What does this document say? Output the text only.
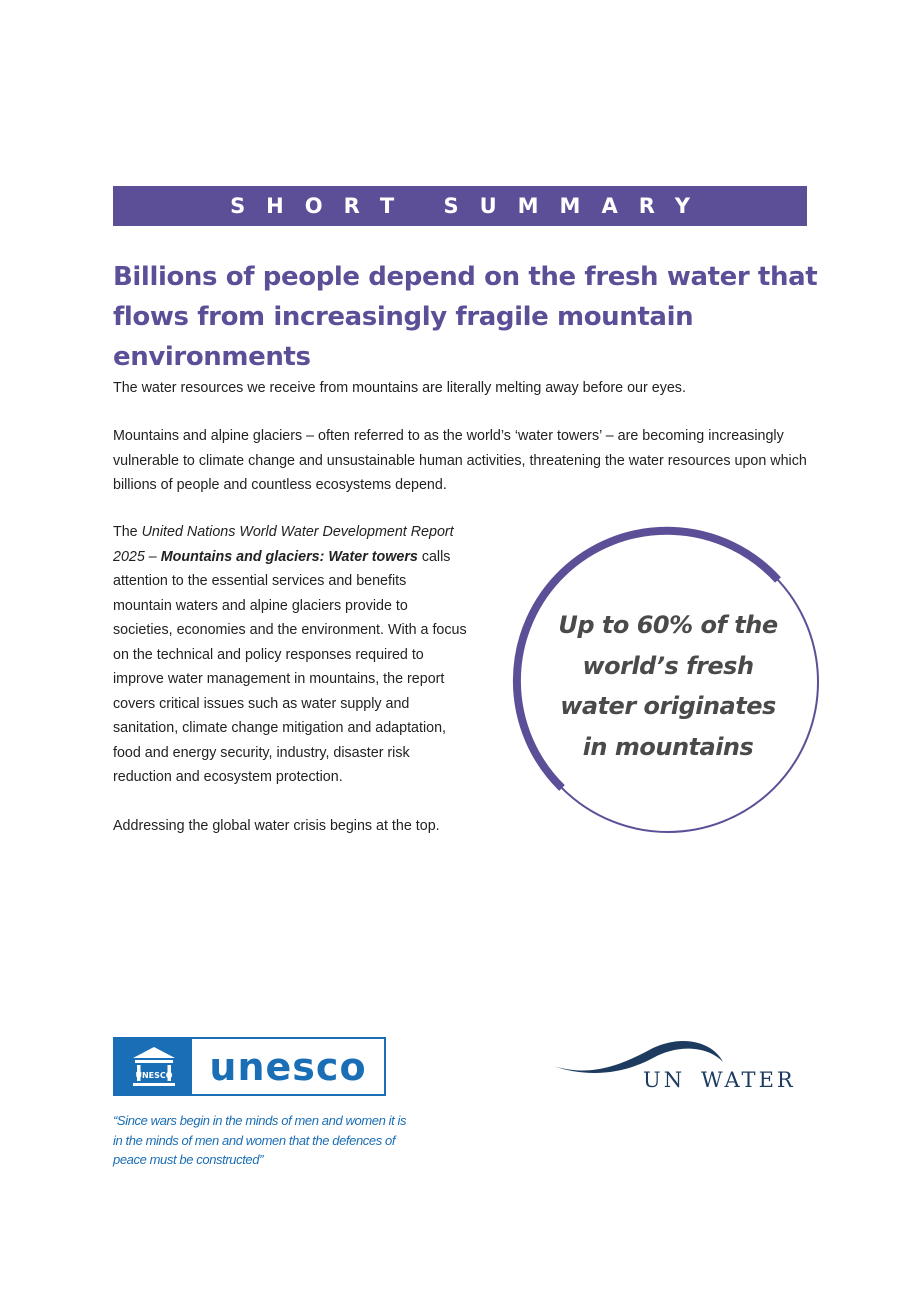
SHORT SUMMARY
Billions of people depend on the fresh water that flows from increasingly fragile mountain environments

The water resources we receive from mountains are literally melting away before our eyes.

Mountains and alpine glaciers – often referred to as the world’s ‘water towers’ – are becoming increasingly vulnerable to climate change and unsustainable human activities, threatening the water resources upon which billions of people and countless ecosystems depend.

The United Nations World Water Development Report 2025 – Mountains and glaciers: Water towers calls attention to the essential services and benefits mountain waters and alpine glaciers provide to societies, economies and the environment. With a focus on the technical and policy responses required to improve water management in mountains, the report covers critical issues such as water supply and sanitation, climate change mitigation and adaptation, food and energy security, industry, disaster risk reduction and ecosystem protection.

Addressing the global water crisis begins at the top.

Up to 60% of the world’s fresh water originates in mountains

UNESCO unesco

“Since wars begin in the minds of men and women it is in the minds of men and women that the defences of peace must be constructed”

UN WATER
